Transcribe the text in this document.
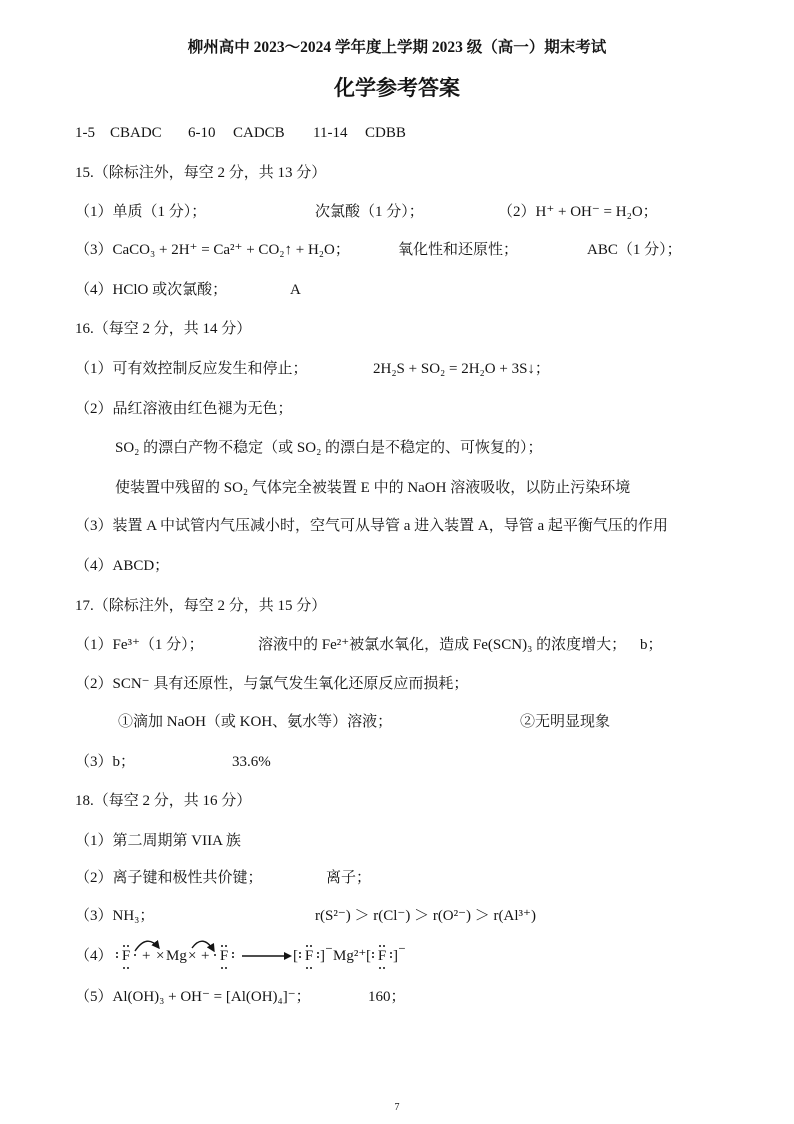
柳州高中 2023～2024 学年度上学期 2023 级（高一）期末考试
化学参考答案
1-5 CBADC 6-10 CADCB 11-14 CDBB
15.（除标注外，每空 2 分，共 13 分）
（1）单质（1 分）；	次氯酸（1 分）；	（2）H⁺ + OH⁻ = H₂O；
（3）CaCO₃ + 2H⁺ = Ca²⁺ + CO₂↑ + H₂O；	氧化性和还原性；	ABC（1 分）；
（4）HClO 或次氯酸；	A
16.（每空 2 分，共 14 分）
（1）可有效控制反应发生和停止；	2H₂S + SO₂ = 2H₂O + 3S↓；
（2）品红溶液由红色褪为无色；
SO₂ 的漂白产物不稳定（或 SO₂ 的漂白是不稳定的、可恢复的）；
使装置中残留的 SO₂ 气体完全被装置 E 中的 NaOH 溶液吸收，以防止污染环境
（3）装置 A 中试管内气压减小时，空气可从导管 a 进入装置 A，导管 a 起平衡气压的作用
（4）ABCD；
17.（除标注外，每空 2 分，共 15 分）
（1）Fe³⁺（1 分）；	溶液中的 Fe²⁺被氯水氧化，造成 Fe(SCN)₃ 的浓度增大； b；
（2）SCN⁻ 具有还原性，与氯气发生氧化还原反应而损耗；
①滴加 NaOH（或 KOH、氨水等）溶液；	②无明显现象
（3）b；	33.6%
18.（每空 2 分，共 16 分）
（1）第二周期第 VIIA 族
（2）离子键和极性共价键；	离子；
（3）NH₃；	r(S²⁻) ＞ r(Cl⁻) ＞ r(O²⁻) ＞ r(Al³⁺)
（4） F + × Mg × + F → [ F ] ⁻ Mg²⁺ [ F ] ⁻
（5）Al(OH)₃ + OH⁻ = [Al(OH)₄]⁻；	160；
7
